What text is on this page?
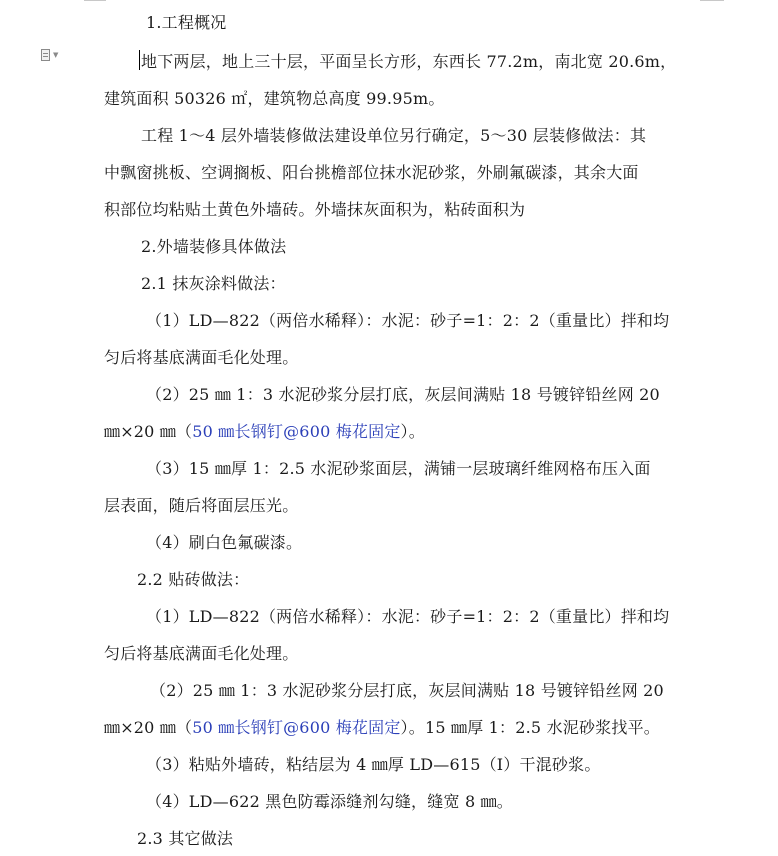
▼
1.工程概况
地下两层，地上三十层，平面呈长方形，东西长 77.2m，南北宽 20.6m，
建筑面积 50326 ㎡，建筑物总高度 99.95m。
工程 1～4 层外墙装修做法建设单位另行确定，5～30 层装修做法：其
中飘窗挑板、空调搁板、阳台挑檐部位抹水泥砂浆，外刷氟碳漆，其余大面
积部位均粘贴土黄色外墙砖。外墙抹灰面积为，粘砖面积为
2.外墙装修具体做法
2.1 抹灰涂料做法：
（1）LD—822（两倍水稀释）：水泥：砂子=1：2：2（重量比）拌和均
匀后将基底满面毛化处理。
（2）25 ㎜ 1：3 水泥砂浆分层打底，灰层间满贴 18 号镀锌铅丝网 20
㎜×20 ㎜（50 ㎜长钢钉@600 梅花固定）。
（3）15 ㎜厚 1：2.5 水泥砂浆面层，满铺一层玻璃纤维网格布压入面
层表面，随后将面层压光。
（4）刷白色氟碳漆。
2.2 贴砖做法：
（1）LD—822（两倍水稀释）：水泥：砂子=1：2：2（重量比）拌和均
匀后将基底满面毛化处理。
（2）25 ㎜ 1：3 水泥砂浆分层打底，灰层间满贴 18 号镀锌铅丝网 20
㎜×20 ㎜（50 ㎜长钢钉@600 梅花固定）。15 ㎜厚 1：2.5 水泥砂浆找平。
（3）粘贴外墙砖，粘结层为 4 ㎜厚 LD—615（I）干混砂浆。
（4）LD—622 黑色防霉添缝剂勾缝，缝宽 8 ㎜。
2.3 其它做法
